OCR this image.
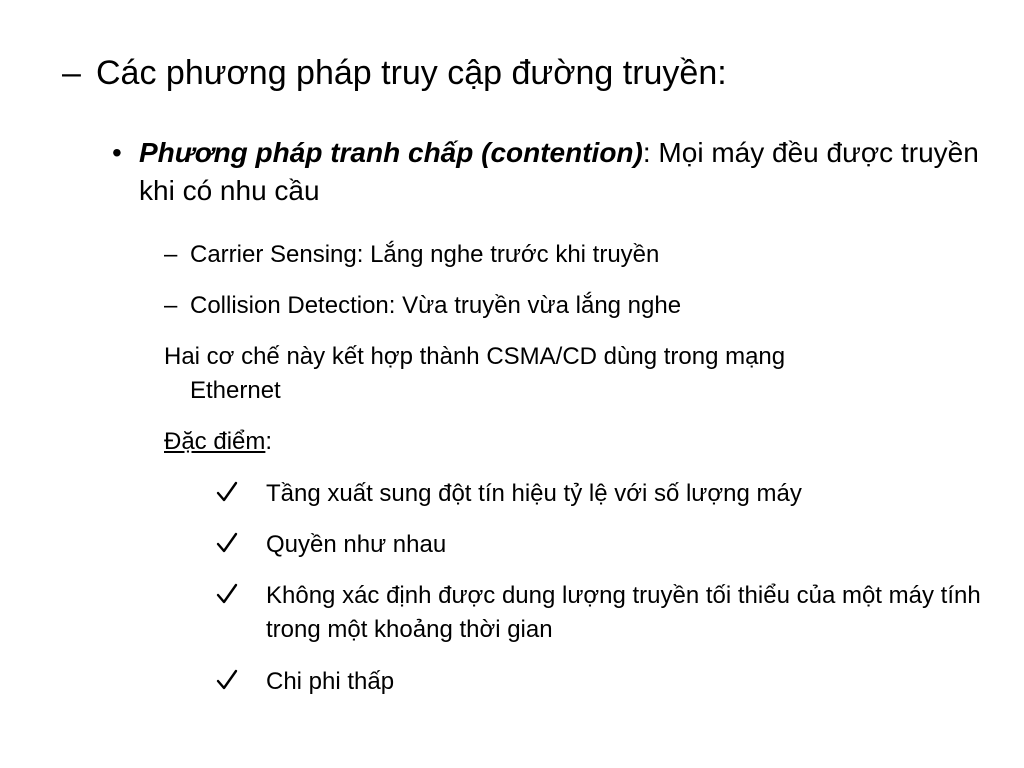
– Các phương pháp truy cập đường truyền:
• Phương pháp tranh chấp (contention): Mọi máy đều được truyền khi có nhu cầu
– Carrier Sensing: Lắng nghe trước khi truyền
– Collision Detection: Vừa truyền vừa lắng nghe
Hai cơ chế này kết hợp thành CSMA/CD dùng trong mạng
Ethernet
Đặc điểm:
Tầng xuất sung đột tín hiệu tỷ lệ với số lượng máy
Quyền như nhau
Không xác định được dung lượng truyền tối thiểu của một máy tính trong một khoảng thời gian
Chi phi thấp
